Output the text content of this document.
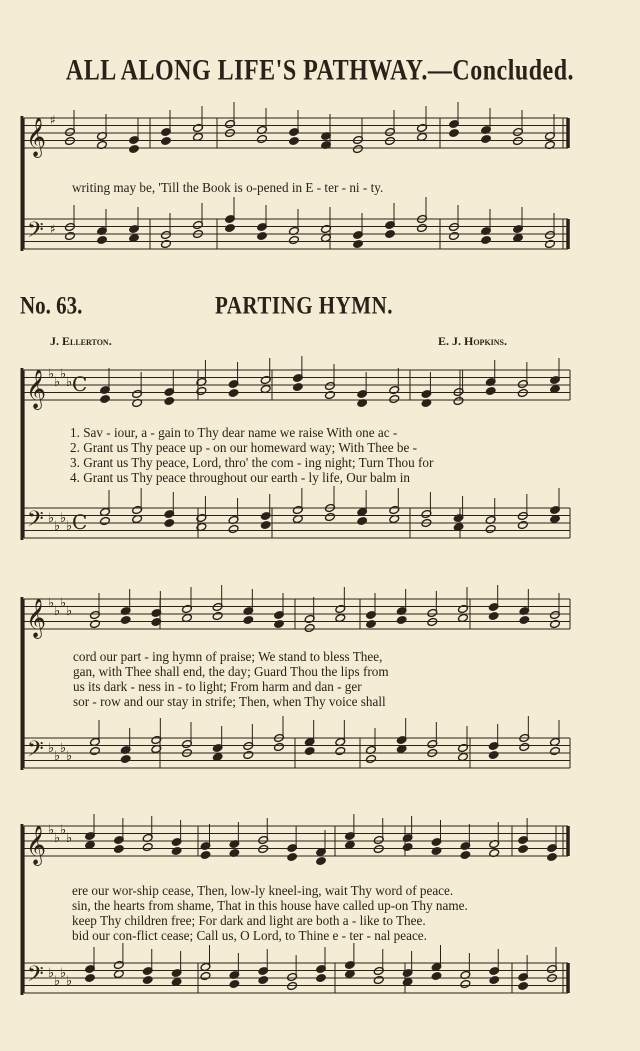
ALL ALONG LIFE'S PATHWAY.—Concluded.
𝄞
𝄢
♯
♯
𝄞
𝄢
♭
♭
♭
♭
♭
♭
♭
♭
C
C
𝄞
𝄢
♭
♭
♭
♭
♭
♭
♭
♭
𝄞
𝄢
♭
♭
♭
♭
♭
♭
♭
♭
writing may be, 'Till the Book is o-pened in E - ter - ni - ty.
No. 63.	PARTING HYMN.
J. Ellerton.	E. J. Hopkins.
1. Sav - iour, a - gain to Thy dear name we raise With one ac -
2. Grant us Thy peace up - on our homeward way; With Thee be -
3. Grant us Thy peace, Lord, thro' the com - ing night; Turn Thou for
4. Grant us Thy peace throughout our earth - ly life, Our balm in
cord our part - ing hymn of praise; We stand to bless Thee,
gan, with Thee shall end, the day; Guard Thou the lips from
us its dark - ness in - to light; From harm and dan - ger
sor - row and our stay in strife; Then, when Thy voice shall
ere our wor-ship cease, Then, low-ly kneel-ing, wait Thy word of peace.
sin, the hearts from shame, That in this house have called up-on Thy name.
keep Thy children free; For dark and light are both a - like to Thee.
bid our con-flict cease; Call us, O Lord, to Thine e - ter - nal peace.
